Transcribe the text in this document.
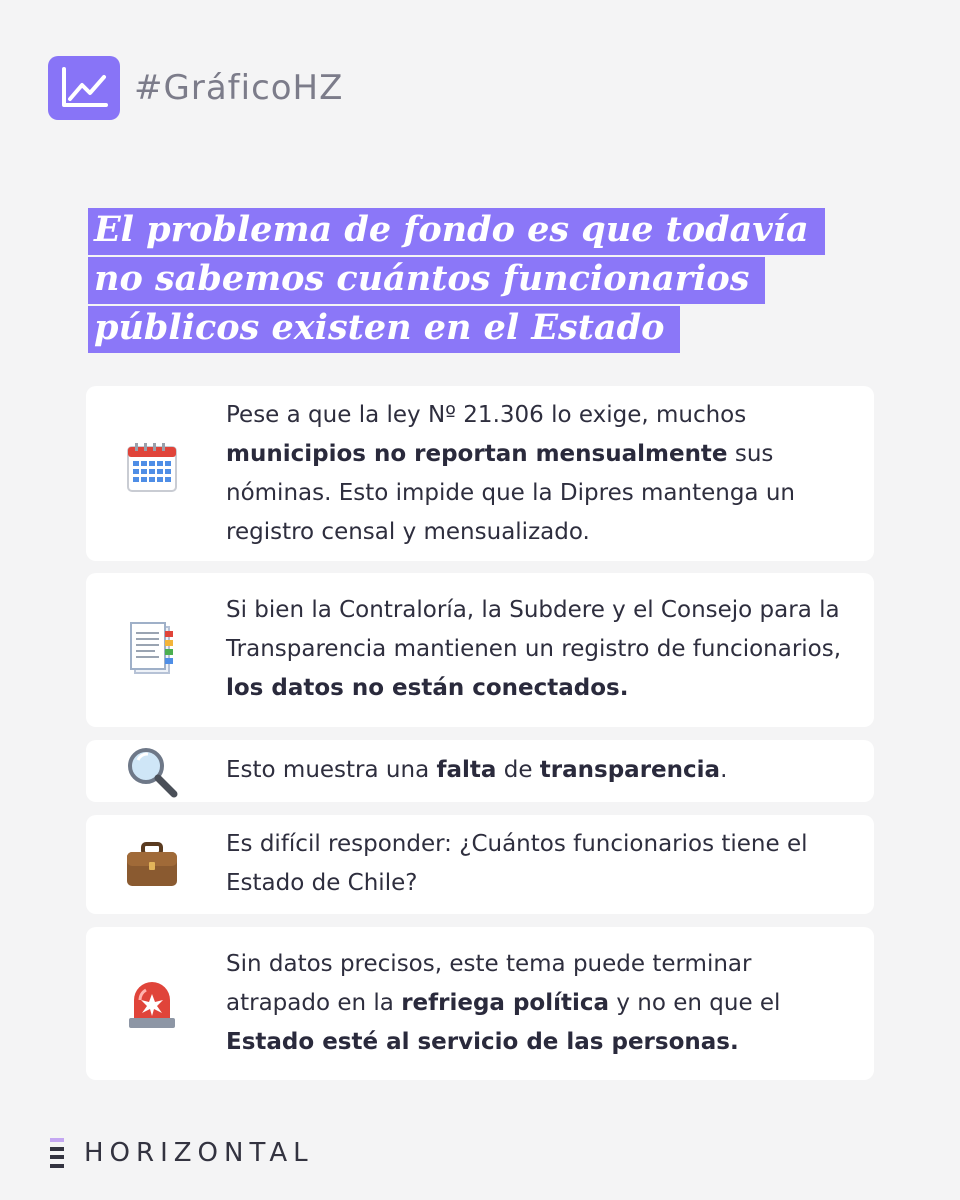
#GráficoHZ
El problema de fondo es que todavía
no sabemos cuántos funcionarios
públicos existen en el Estado
Pese a que la ley Nº 21.306 lo exige, muchos municipios no reportan mensualmente sus nóminas. Esto impide que la Dipres mantenga un registro censal y mensualizado.
Si bien la Contraloría, la Subdere y el Consejo para la Transparencia mantienen un registro de funcionarios, los datos no están conectados.
Esto muestra una falta de transparencia.
Es difícil responder: ¿Cuántos funcionarios tiene el Estado de Chile?
Sin datos precisos, este tema puede terminar atrapado en la refriega política y no en que el Estado esté al servicio de las personas.
HORIZONTAL
